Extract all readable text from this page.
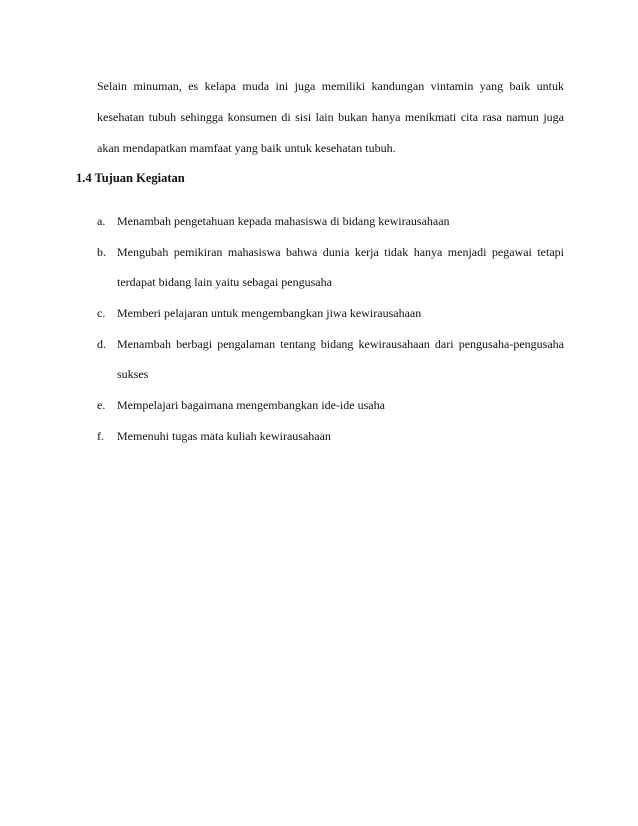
Selain minuman, es kelapa muda ini juga memiliki kandungan vintamin yang baik untuk kesehatan tubuh sehingga konsumen di sisi lain bukan hanya menikmati cita rasa namun juga akan mendapatkan mamfaat yang baik untuk kesehatan tubuh.

1.4 Tujuan Kegiatan
a. Menambah pengetahuan kepada mahasiswa di bidang kewirausahaan
b. Mengubah pemikiran mahasiswa bahwa dunia kerja tidak hanya menjadi pegawai tetapi terdapat bidang lain yaitu sebagai pengusaha
c. Memberi pelajaran untuk mengembangkan jiwa kewirausahaan
d. Menambah berbagi pengalaman tentang bidang kewirausahaan dari pengusaha-pengusaha sukses
e. Mempelajari bagaimana mengembangkan ide-ide usaha
f.	Memenuhi tugas mata kuliah kewirausahaan
